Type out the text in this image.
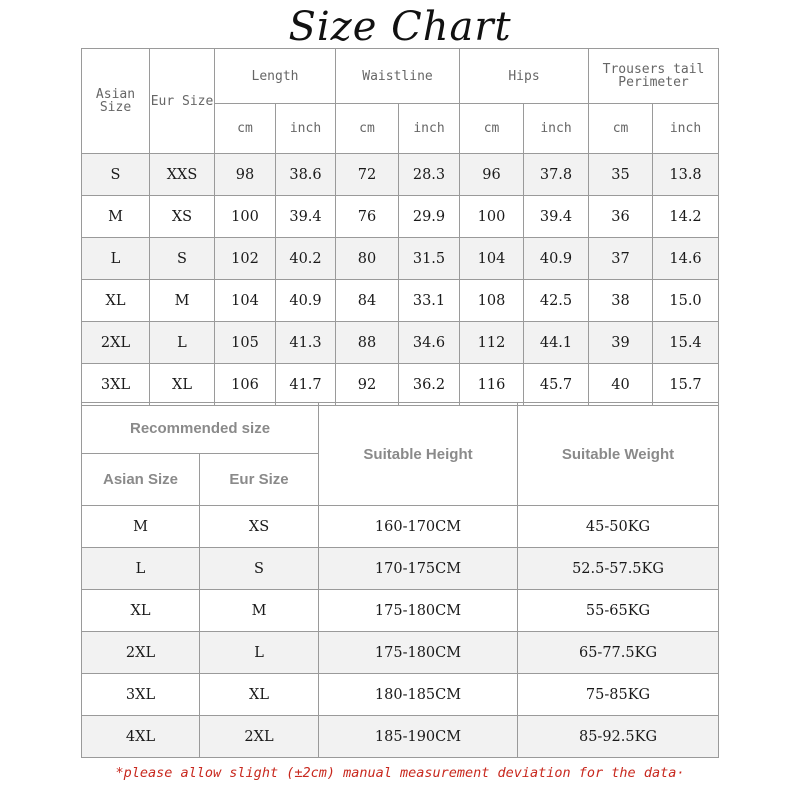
Size Chart
Asian Size	Eur Size	Length		Waistline		Hips		Trousers tail Perimeter	
		cm	inch	cm	inch	cm	inch	cm	inch
S	XXS	98	38.6	72	28.3	96	37.8	35	13.8
M	XS	100	39.4	76	29.9	100	39.4	36	14.2
L	S	102	40.2	80	31.5	104	40.9	37	14.6
XL	M	104	40.9	84	33.1	108	42.5	38	15.0
2XL	L	105	41.3	88	34.6	112	44.1	39	15.4
3XL	XL	106	41.7	92	36.2	116	45.7	40	15.7
Recommended size		Suitable Height	Suitable Weight
Asian Size	Eur Size		
M	XS	160-170CM	45-50KG
L	S	170-175CM	52.5-57.5KG
XL	M	175-180CM	55-65KG
2XL	L	175-180CM	65-77.5KG
3XL	XL	180-185CM	75-85KG
4XL	2XL	185-190CM	85-92.5KG
*please allow slight (±2cm) manual measurement deviation for the data·
